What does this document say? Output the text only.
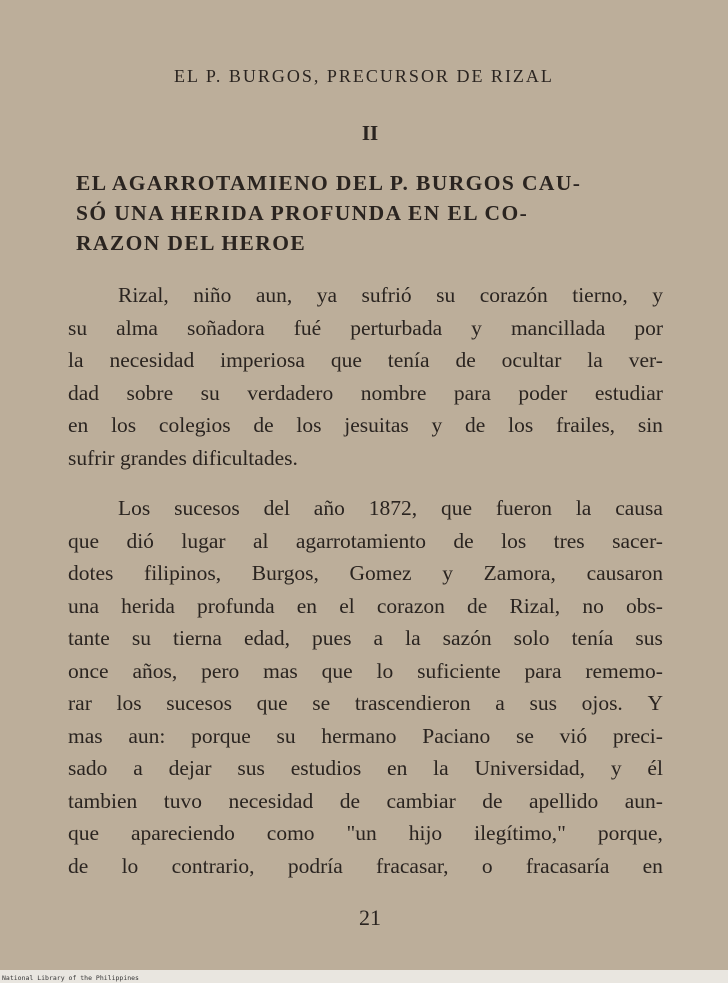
EL P. BURGOS, PRECURSOR DE RIZAL
II
EL AGARROTAMIENO DEL P. BURGOS CAU-
SÓ UNA HERIDA PROFUNDA EN EL CO-
RAZON DEL HEROE
Rizal, niño aun, ya sufrió su corazón tierno, y
su alma soñadora fué perturbada y mancillada por
la necesidad imperiosa que tenía de ocultar la ver-
dad sobre su verdadero nombre para poder estudiar
en los colegios de los jesuitas y de los frailes, sin
sufrir grandes dificultades.
Los sucesos del año 1872, que fueron la causa
que dió lugar al agarrotamiento de los tres sacer-
dotes filipinos, Burgos, Gomez y Zamora, causaron
una herida profunda en el corazon de Rizal, no obs-
tante su tierna edad, pues a la sazón solo tenía sus
once años, pero mas que lo suficiente para rememo-
rar los sucesos que se trascendieron a sus ojos. Y
mas aun: porque su hermano Paciano se vió preci-
sado a dejar sus estudios en la Universidad, y él
tambien tuvo necesidad de cambiar de apellido aun-
que apareciendo como "un hijo ilegítimo," porque,
de lo contrario, podría fracasar, o fracasaría en
21
National Library of the Philippines
